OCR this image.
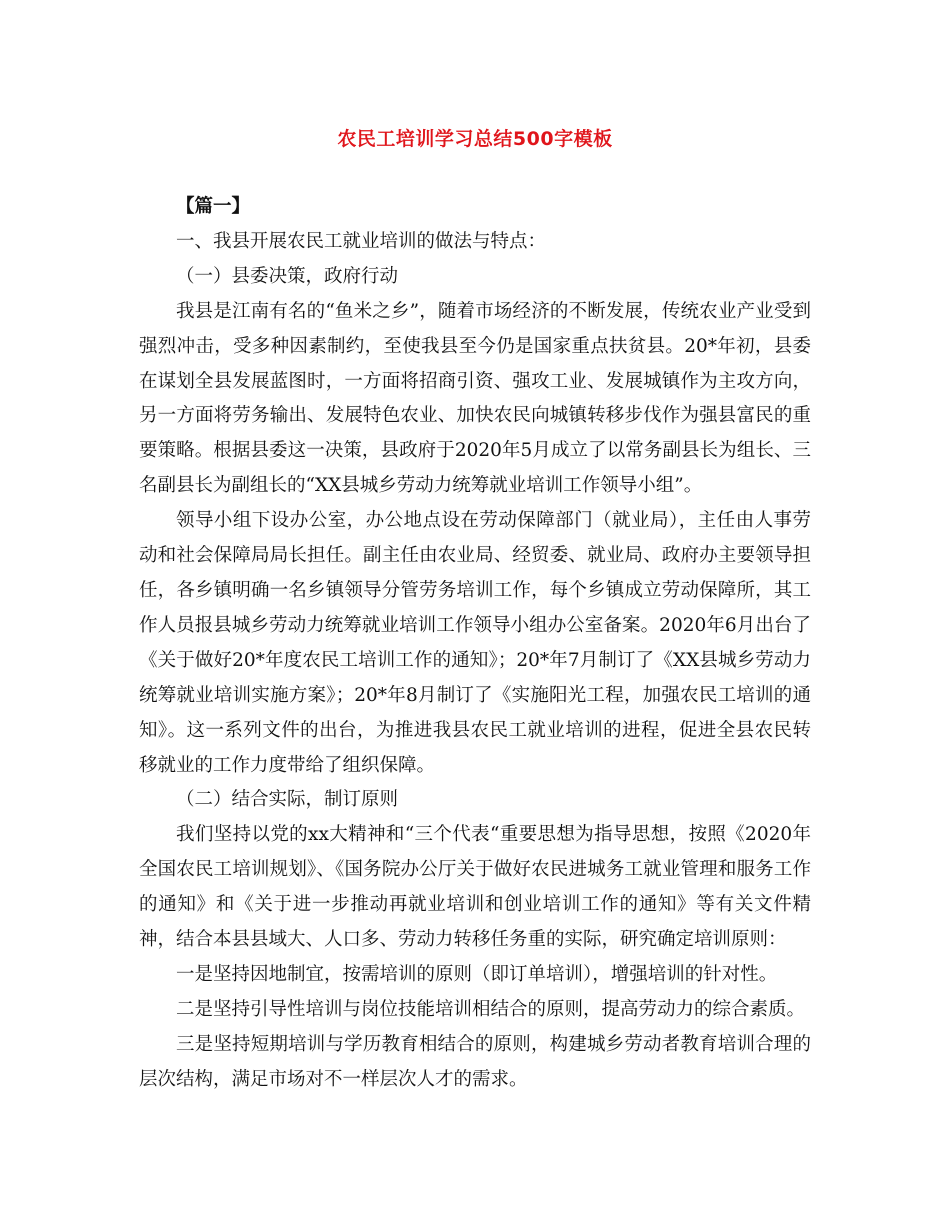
农民工培训学习总结500字模板

【篇一】

一、我县开展农民工就业培训的做法与特点：

（一）县委决策，政府行动

我县是江南有名的“鱼米之乡”，随着市场经济的不断发展，传统农业产业受到强烈冲击，受多种因素制约，至使我县至今仍是国家重点扶贫县。20*年初，县委在谋划全县发展蓝图时，一方面将招商引资、强攻工业、发展城镇作为主攻方向，另一方面将劳务输出、发展特色农业、加快农民向城镇转移步伐作为强县富民的重要策略。根据县委这一决策，县政府于2020年5月成立了以常务副县长为组长、三名副县长为副组长的“XX县城乡劳动力统筹就业培训工作领导小组”。

领导小组下设办公室，办公地点设在劳动保障部门（就业局），主任由人事劳动和社会保障局局长担任。副主任由农业局、经贸委、就业局、政府办主要领导担任，各乡镇明确一名乡镇领导分管劳务培训工作，每个乡镇成立劳动保障所，其工作人员报县城乡劳动力统筹就业培训工作领导小组办公室备案。2020年6月出台了《关于做好20*年度农民工培训工作的通知》；20*年7月制订了《XX县城乡劳动力统筹就业培训实施方案》；20*年8月制订了《实施阳光工程，加强农民工培训的通知》。这一系列文件的出台，为推进我县农民工就业培训的进程，促进全县农民转移就业的工作力度带给了组织保障。

（二）结合实际，制订原则

我们坚持以党的xx大精神和“三个代表“重要思想为指导思想，按照《2020年全国农民工培训规划》、《国务院办公厅关于做好农民进城务工就业管理和服务工作的通知》和《关于进一步推动再就业培训和创业培训工作的通知》等有关文件精神，结合本县县域大、人口多、劳动力转移任务重的实际，研究确定培训原则：

一是坚持因地制宜，按需培训的原则（即订单培训），增强培训的针对性。

二是坚持引导性培训与岗位技能培训相结合的原则，提高劳动力的综合素质。

三是坚持短期培训与学历教育相结合的原则，构建城乡劳动者教育培训合理的层次结构，满足市场对不一样层次人才的需求。
